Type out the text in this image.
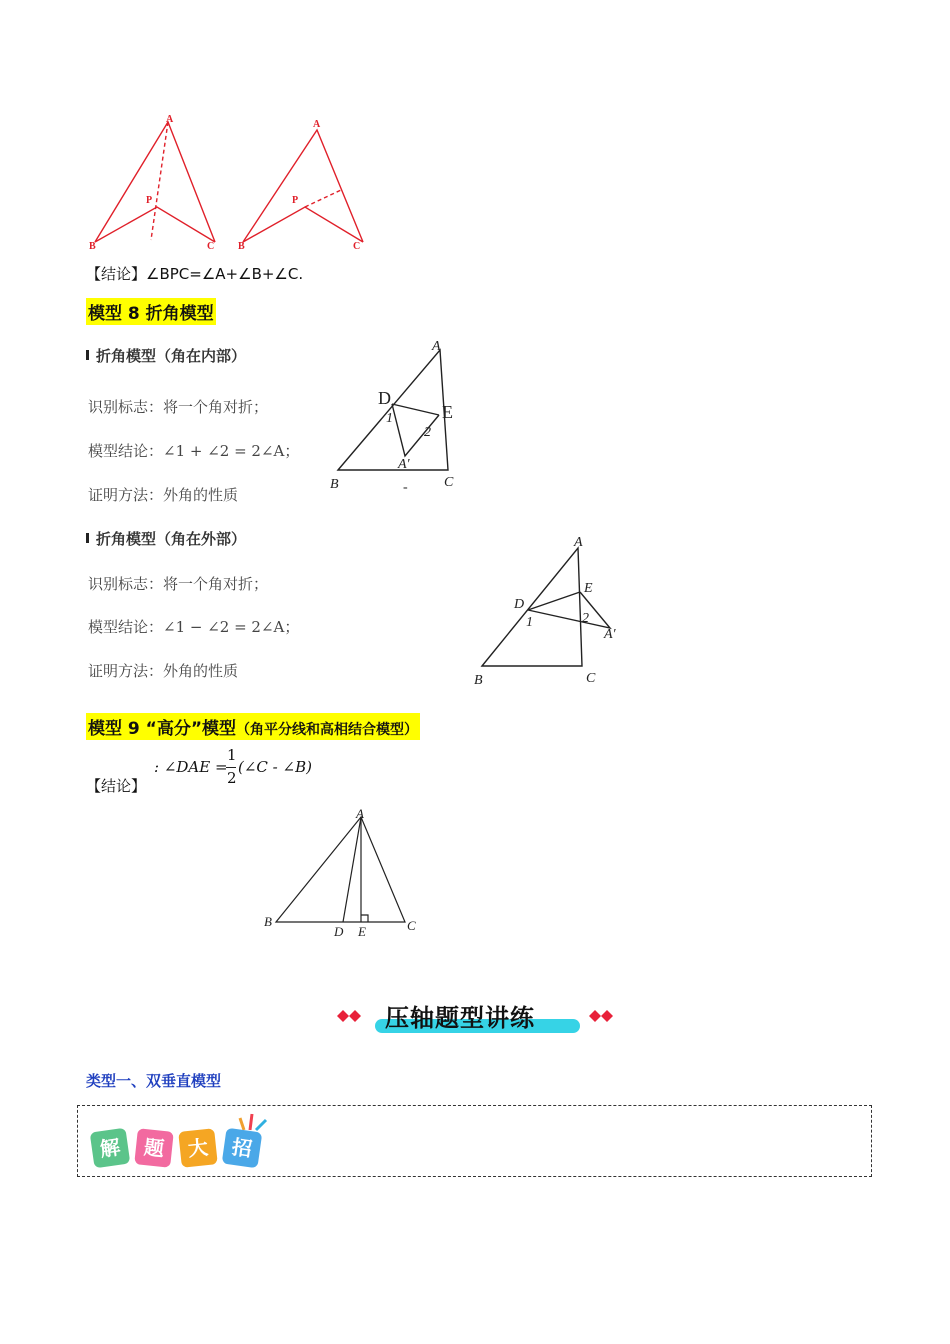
A
P
B	C
A
P
B	C
【结论】∠BPC=∠A+∠B+∠C.
模型 8 折角模型
折角模型（角在内部）
识别标志：将一个角对折；
模型结论：∠1 + ∠2 = 2∠A；
证明方法：外角的性质
A
D
E
1
2
A′
B	C
-
折角模型（角在外部）
识别标志：将一个角对折；
模型结论：∠1 − ∠2 = 2∠A；
证明方法：外角的性质
A
D
E
1	2
A′
B	C
模型 9 “高分”模型（角平分线和高相结合模型）
【结论】
: ∠DAE =
1
2
(∠C - ∠B)
A
B
D E	C
压轴题型讲练
类型一、双垂直模型
解	题	大	招
